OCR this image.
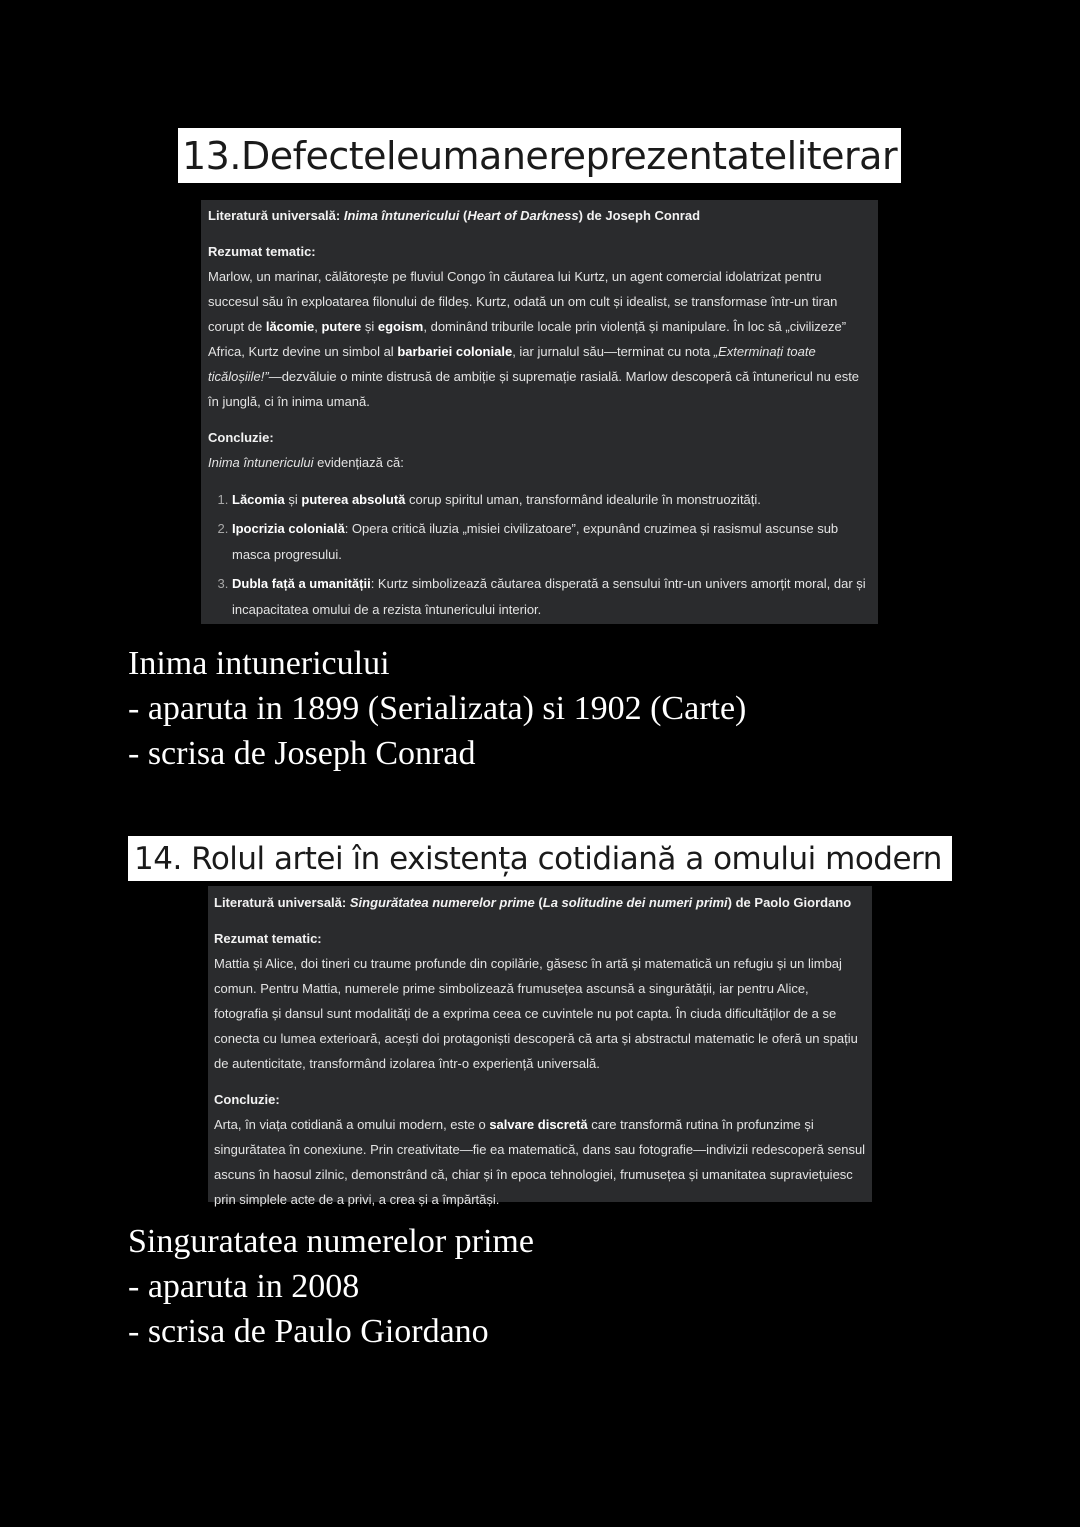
13. Defectele umane reprezentate literar
Literatură universală: Inima întunericului (Heart of Darkness) de Joseph Conrad
Rezumat tematic:

Marlow, un marinar, călătorește pe fluviul Congo în căutarea lui Kurtz, un agent comercial idolatrizat pentru succesul său în exploatarea filonului de fildeș. Kurtz, odată un om cult și idealist, se transformase într-un tiran corupt de lăcomie, putere și egoism, dominând triburile locale prin violență și manipulare. În loc să „civilizeze” Africa, Kurtz devine un simbol al barbariei coloniale, iar jurnalul său—terminat cu nota „Exterminați toate ticăloșiile!”—dezvăluie o minte distrusă de ambiție și supremație rasială. Marlow descoperă că întunericul nu este în junglă, ci în inima umană.

Concluzie:

Inima întunericului evidențiază că:

1. Lăcomia și puterea absolută corup spiritul uman, transformând idealurile în monstruozități.
2. Ipocrizia colonială: Opera critică iluzia „misiei civilizatoare”, expunând cruzimea și rasismul ascunse sub masca progresului.
3. Dubla față a umanității: Kurtz simbolizează căutarea disperată a sensului într-un univers amorțit moral, dar și incapacitatea omului de a rezista întunericului interior.
Inima intunericului
- aparuta in 1899 (Serializata) si 1902 (Carte)
- scrisa de Joseph Conrad
14. Rolul artei în existența cotidiană a omului modern
Literatură universală: Singurătatea numerelor prime (La solitudine dei numeri primi) de Paolo Giordano
Rezumat tematic:

Mattia și Alice, doi tineri cu traume profunde din copilărie, găsesc în artă și matematică un refugiu și un limbaj comun. Pentru Mattia, numerele prime simbolizează frumusețea ascunsă a singurătății, iar pentru Alice, fotografia și dansul sunt modalități de a exprima ceea ce cuvintele nu pot capta. În ciuda dificultăților de a se conecta cu lumea exterioară, acești doi protagoniști descoperă că arta și abstractul matematic le oferă un spațiu de autenticitate, transformând izolarea într-o experiență universală.

Concluzie:

Arta, în viața cotidiană a omului modern, este o salvare discretă care transformă rutina în profunzime și singurătatea în conexiune. Prin creativitate—fie ea matematică, dans sau fotografie—indivizii redescoperă sensul ascuns în haosul zilnic, demonstrând că, chiar și în epoca tehnologiei, frumusețea și umanitatea supraviețuiesc prin simplele acte de a privi, a crea și a împărtăși.

Singuratatea numerelor prime
- aparuta in 2008
- scrisa de Paulo Giordano
